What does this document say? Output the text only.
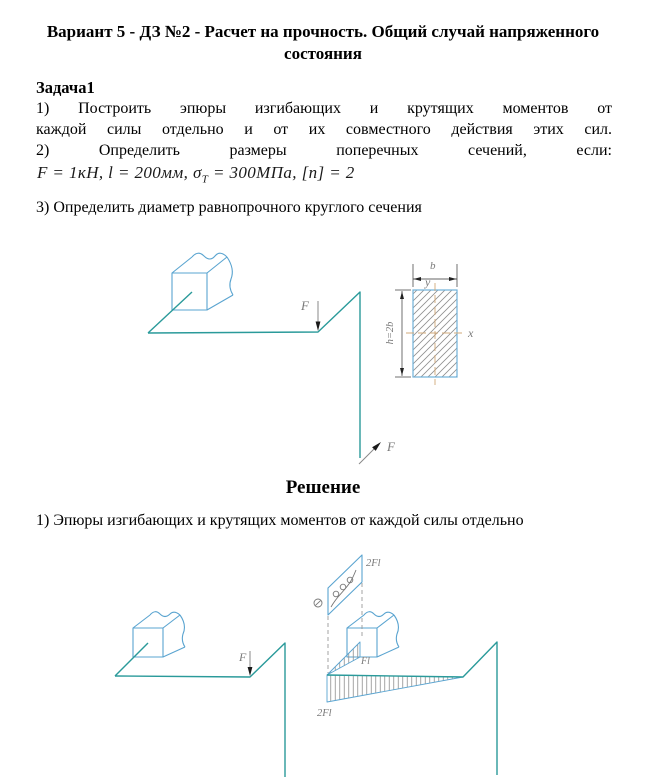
Вариант 5 - ДЗ №2 - Расчет на прочность. Общий случай напряженного
состояния
Задача1
1) Построить эпюры изгибающих и крутящих моментов от
каждой силы отдельно и от их совместного действия этих сил.
2) Определить размеры поперечных сечений, если:
F = 1кН, l = 200мм, $\sigma_Т = 300МПа$, [n] = 2
3) Определить диаметр равнопрочного круглого сечения
F
F
b
h=2b
y
x
Решение
1) Эпюры изгибающих и крутящих моментов от каждой силы отдельно
F
2Fl
Fl
2Fl
